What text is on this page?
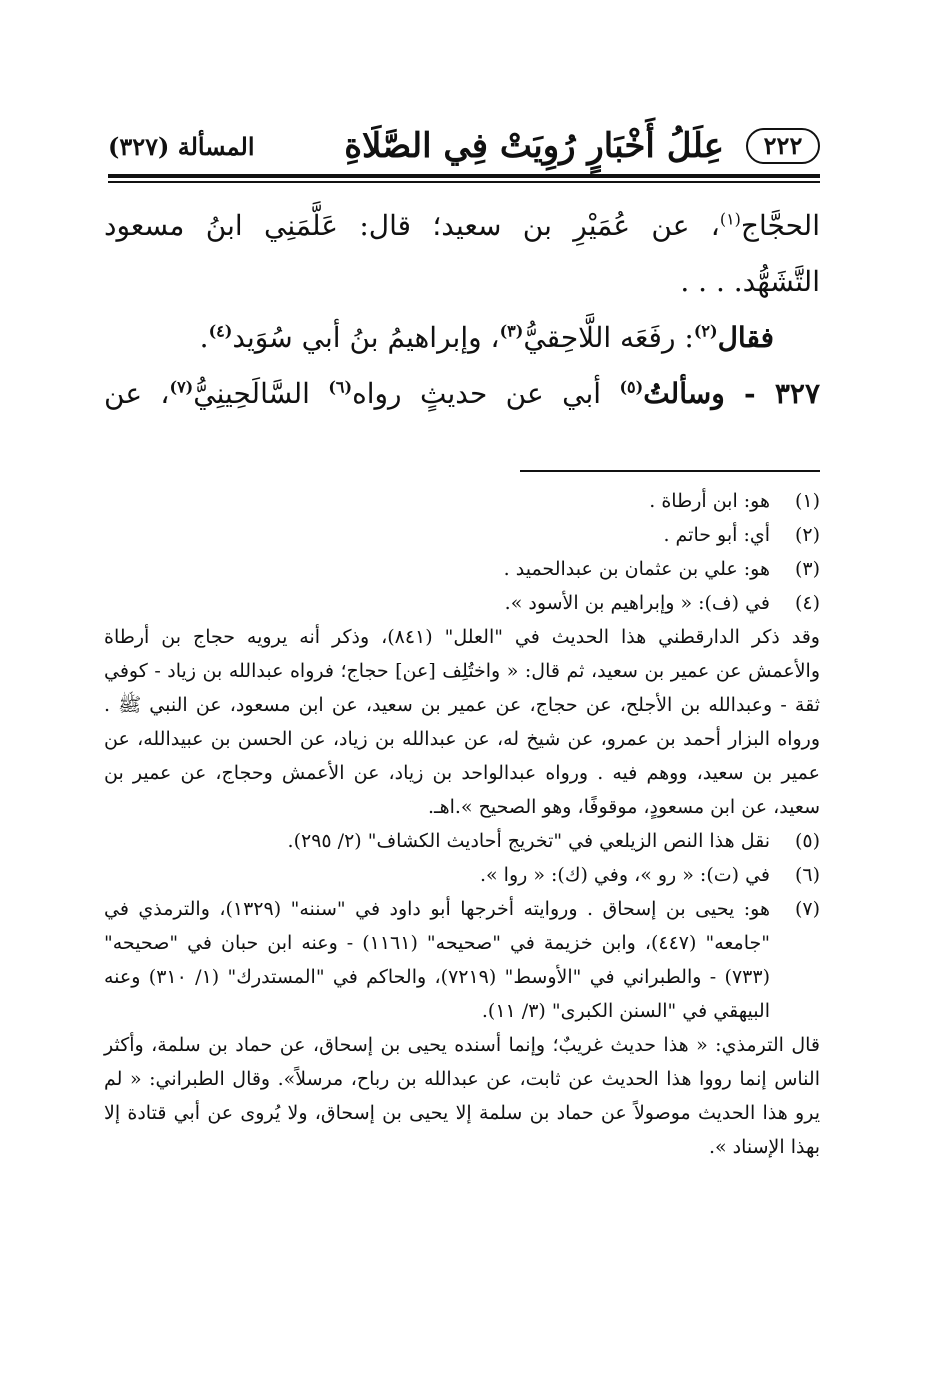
٢٢٢
عِلَلُ أَخْبَارٍ رُوِيَتْ فِي الصَّلَاةِ
المسألة (٣٢٧)
الحجَّاج$^{(١)}$، عن عُمَيْرِ بن سعيد؛ قال: عَلَّمَنِي ابنُ مسعود
التَّشَهُّد. . . .
فقال$^{(٢)}$: رفَعَه اللَّاحِقيُّ$^{(٣)}$، وإبراهيمُ بنُ أبي سُوَيد$^{(٤)}$.
٣٢٧ - وسألتُ$^{(٥)}$ أبي عن حديثٍ رواه$^{(٦)}$ السَّالَحِينِيُّ$^{(٧)}$، عن
(١)
هو: ابن أرطاة .
(٢)
أي: أبو حاتم .
(٣)
هو: علي بن عثمان بن عبدالحميد .
(٤)
في (ف): « وإبراهيم بن الأسود ».
وقد ذكر الدارقطني هذا الحديث في "العلل" (٨٤١)، وذكر أنه يرويه حجاج بن أرطاة والأعمش عن عمير بن سعيد، ثم قال: « واختُلِف [عن] حجاج؛ فرواه عبدالله بن زياد - كوفي ثقة - وعبدالله بن الأجلح، عن حجاج، عن عمير بن سعيد، عن ابن مسعود، عن النبي ﷺ . ورواه البزار أحمد بن عمرو، عن شيخ له، عن عبدالله بن زياد، عن الحسن بن عبيدالله، عن عمير بن سعيد، ووهم فيه . ورواه عبدالواحد بن زياد، عن الأعمش وحجاج، عن عمير بن سعيد، عن ابن مسعودٍ، موقوفًا، وهو الصحيح ».اهـ.
(٥)
نقل هذا النص الزيلعي في "تخريج أحاديث الكشاف" (٢/ ٢٩٥).
(٦)
في (ت): « رو »، وفي (ك): « روا ».
(٧)
هو: يحيى بن إسحاق . وروايته أخرجها أبو داود في "سننه" (١٣٢٩)، والترمذي في "جامعه" (٤٤٧)، وابن خزيمة في "صحيحه" (١١٦١) - وعنه ابن حبان في "صحيحه" (٧٣٣) - والطبراني في "الأوسط" (٧٢١٩)، والحاكم في "المستدرك" (١/ ٣١٠) وعنه البيهقي في "السنن الكبرى" (٣/ ١١).
قال الترمذي: « هذا حديث غريبٌ؛ وإنما أسنده يحيى بن إسحاق، عن حماد بن سلمة، وأكثر الناس إنما رووا هذا الحديث عن ثابت، عن عبدالله بن رباح، مرسلاً». وقال الطبراني: « لم يرو هذا الحديث موصولاً عن حماد بن سلمة إلا يحيى بن إسحاق، ولا يُروى عن أبي قتادة إلا بهذا الإسناد ».
